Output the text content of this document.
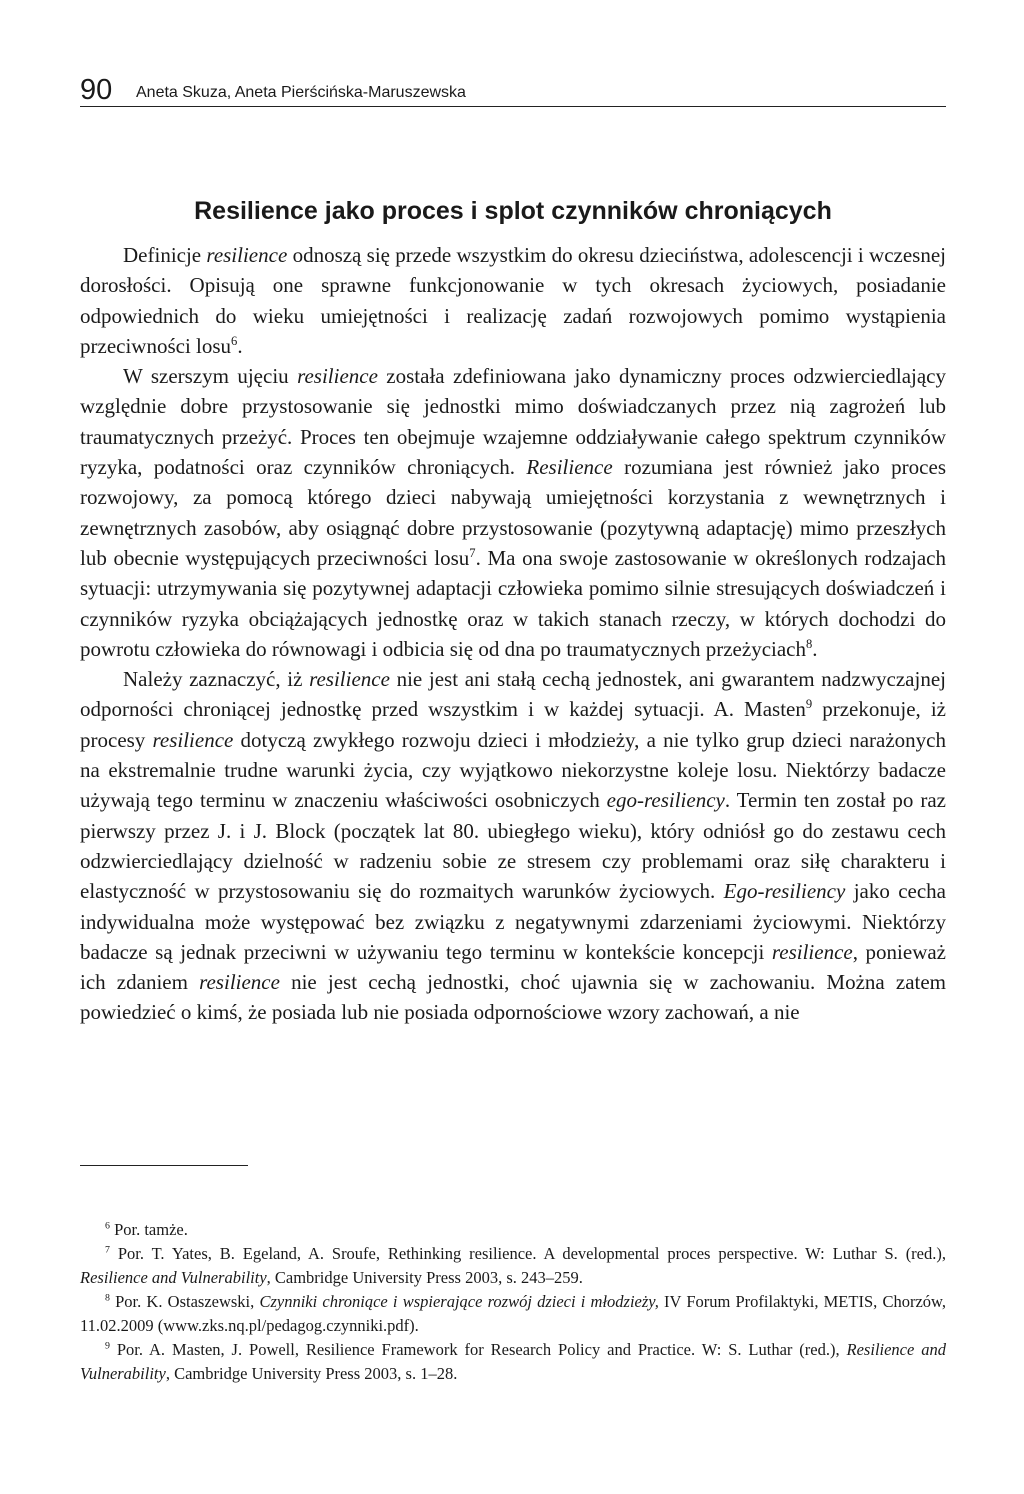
90 Aneta Skuza, Aneta Pierścińska-Maruszewska
Resilience jako proces i splot czynników chroniących

Definicje resilience odnoszą się przede wszystkim do okresu dzieciństwa, adolescencji i wczesnej dorosłości. Opisują one sprawne funkcjonowanie w tych okresach życiowych, posiadanie odpowiednich do wieku umiejętności i realizację zadań rozwojowych pomimo wystąpienia przeciwności losu$^6$.

W szerszym ujęciu resilience została zdefiniowana jako dynamiczny proces odzwierciedlający względnie dobre przystosowanie się jednostki mimo doświadczanych przez nią zagrożeń lub traumatycznych przeżyć. Proces ten obejmuje wzajemne oddziaływanie całego spektrum czynników ryzyka, podatności oraz czynników chroniących. Resilience rozumiana jest również jako proces rozwojowy, za pomocą którego dzieci nabywają umiejętności korzystania z wewnętrznych i zewnętrznych zasobów, aby osiągnąć dobre przystosowanie (pozytywną adaptację) mimo przeszłych lub obecnie występujących przeciwności losu$^7$. Ma ona swoje zastosowanie w określonych rodzajach sytuacji: utrzymywania się pozytywnej adaptacji człowieka pomimo silnie stresujących doświadczeń i czynników ryzyka obciążających jednostkę oraz w takich stanach rzeczy, w których dochodzi do powrotu człowieka do równowagi i odbicia się od dna po traumatycznych przeżyciach$^8$.

Należy zaznaczyć, iż resilience nie jest ani stałą cechą jednostek, ani gwarantem nadzwyczajnej odporności chroniącej jednostkę przed wszystkim i w każdej sytuacji. A. Masten$^9$ przekonuje, iż procesy resilience dotyczą zwykłego rozwoju dzieci i młodzieży, a nie tylko grup dzieci narażonych na ekstremalnie trudne warunki życia, czy wyjątkowo niekorzystne koleje losu. Niektórzy badacze używają tego terminu w znaczeniu właściwości osobniczych ego-resiliency. Termin ten został po raz pierwszy przez J. i J. Block (początek lat 80. ubiegłego wieku), który odniósł go do zestawu cech odzwierciedlający dzielność w radzeniu sobie ze stresem czy problemami oraz siłę charakteru i elastyczność w przystosowaniu się do rozmaitych warunków życiowych. Ego-resiliency jako cecha indywidualna może występować bez związku z negatywnymi zdarzeniami życiowymi. Niektórzy badacze są jednak przeciwni w używaniu tego terminu w kontekście koncepcji resilience, ponieważ ich zdaniem resilience nie jest cechą jednostki, choć ujawnia się w zachowaniu. Można zatem powiedzieć o kimś, że posiada lub nie posiada odpornościowe wzory zachowań, a nie

$^6$ Por. tamże.

$^7$ Por. T. Yates, B. Egeland, A. Sroufe, Rethinking resilience. A developmental proces perspective. W: Luthar S. (red.), Resilience and Vulnerability, Cambridge University Press 2003, s. 243–259.

$^8$ Por. K. Ostaszewski, Czynniki chroniące i wspierające rozwój dzieci i młodzieży, IV Forum Profilaktyki, METIS, Chorzów, 11.02.2009 (www.zks.nq.pl/pedagog.czynniki.pdf).

$^9$ Por. A. Masten, J. Powell, Resilience Framework for Research Policy and Practice. W: S. Luthar (red.), Resilience and Vulnerability, Cambridge University Press 2003, s. 1–28.
